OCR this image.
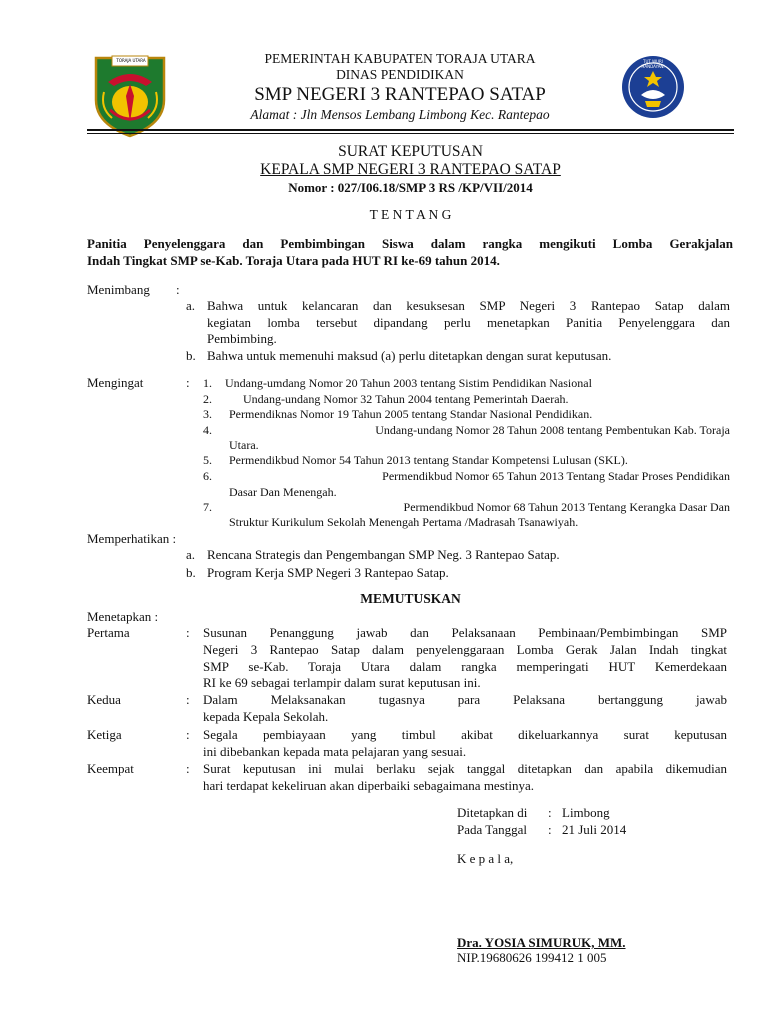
TORAJA UTARA	TUT WURI HANDAYANI
PEMERINTAH KABUPATEN TORAJA UTARA
DINAS PENDIDIKAN
SMP NEGERI 3 RANTEPAO SATAP
Alamat : Jln Mensos Lembang Limbong Kec. Rantepao
SURAT KEPUTUSAN
KEPALA SMP NEGERI 3 RANTEPAO SATAP
Nomor : 027/I06.18/SMP 3 RS /KP/VII/2014
T E N T A N G
Panitia Penyelenggara dan Pembimbingan Siswa dalam rangka mengikuti Lomba Gerakjalan
Indah Tingkat SMP se-Kab. Toraja Utara pada HUT RI ke-69 tahun 2014.
Menimbang :
a. Bahwa untuk kelancaran dan kesuksesan SMP Negeri 3 Rantepao Satap dalam
kegiatan lomba tersebut dipandang perlu menetapkan Panitia Penyelenggara dan
Pembimbing.
b. Bahwa untuk memenuhi maksud (a) perlu ditetapkan dengan surat keputusan.
Mengingat	: 1. Undang-umdang Nomor 20 Tahun 2003 tentang Sistim Pendidikan Nasional
2.	Undang-undang Nomor 32 Tahun 2004 tentang Pemerintah Daerah.
3. Permendiknas Nomor 19 Tahun 2005 tentang Standar Nasional Pendidikan.
4.	Undang-undang Nomor 28 Tahun 2008 tentang Pembentukan Kab. Toraja
Utara.
5. Permendikbud Nomor 54 Tahun 2013 tentang Standar Kompetensi Lulusan (SKL).
6.	Permendikbud Nomor 65 Tahun 2013 Tentang Stadar Proses Pendidikan
Dasar Dan Menengah.
7.	Permendikbud Nomor 68 Tahun 2013 Tentang Kerangka Dasar Dan
Struktur Kurikulum Sekolah Menengah Pertama /Madrasah Tsanawiyah.
Memperhatikan :
a. Rencana Strategis dan Pengembangan SMP Neg. 3 Rantepao Satap.
b. Program Kerja SMP Negeri 3 Rantepao Satap.
MEMUTUSKAN
Menetapkan :
Pertama	: Susunan Penanggung jawab dan Pelaksanaan Pembinaan/Pembimbingan SMP
Negeri 3 Rantepao Satap dalam penyelenggaraan Lomba Gerak Jalan Indah tingkat
SMP se-Kab. Toraja Utara dalam rangka memperingati HUT Kemerdekaan
RI ke 69 sebagai terlampir dalam surat keputusan ini.
Kedua	: Dalam Melaksanakan tugasnya para Pelaksana bertanggung jawab
kepada Kepala Sekolah.
Ketiga	: Segala pembiayaan yang timbul akibat dikeluarkannya surat keputusan
ini dibebankan kepada mata pelajaran yang sesuai.
Keempat	: Surat keputusan ini mulai berlaku sejak tanggal ditetapkan dan apabila dikemudian
hari terdapat kekeliruan akan diperbaiki sebagaimana mestinya.
Ditetapkan di : Limbong
Pada Tanggal : 21 Juli 2014
K e p a l a,
Dra. YOSIA SIMURUK, MM.
NIP.19680626 199412 1 005
